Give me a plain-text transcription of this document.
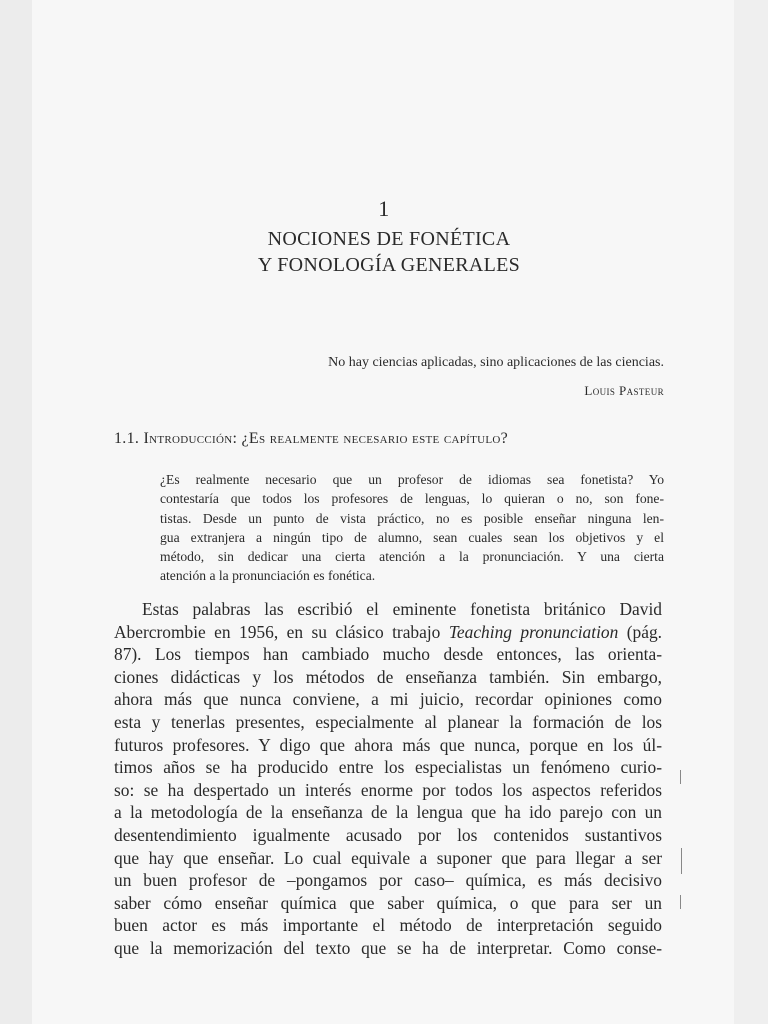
1
NOCIONES DE FONÉTICA
Y FONOLOGÍA GENERALES
No hay ciencias aplicadas, sino aplicaciones de las ciencias.
Louis Pasteur
1.1. Introducción: ¿Es realmente necesario este capítulo?
¿Es realmente necesario que un profesor de idiomas sea fonetista? Yo
contestaría que todos los profesores de lenguas, lo quieran o no, son fone-
tistas. Desde un punto de vista práctico, no es posible enseñar ninguna len-
gua extranjera a ningún tipo de alumno, sean cuales sean los objetivos y el
método, sin dedicar una cierta atención a la pronunciación. Y una cierta
atención a la pronunciación es fonética.
Estas palabras las escribió el eminente fonetista británico David
Abercrombie en 1956, en su clásico trabajo Teaching pronunciation (pág.
87). Los tiempos han cambiado mucho desde entonces, las orienta-
ciones didácticas y los métodos de enseñanza también. Sin embargo,
ahora más que nunca conviene, a mi juicio, recordar opiniones como
esta y tenerlas presentes, especialmente al planear la formación de los
futuros profesores. Y digo que ahora más que nunca, porque en los úl-
timos años se ha producido entre los especialistas un fenómeno curio-
so: se ha despertado un interés enorme por todos los aspectos referidos
a la metodología de la enseñanza de la lengua que ha ido parejo con un
desentendimiento igualmente acusado por los contenidos sustantivos
que hay que enseñar. Lo cual equivale a suponer que para llegar a ser
un buen profesor de –pongamos por caso– química, es más decisivo
saber cómo enseñar química que saber química, o que para ser un
buen actor es más importante el método de interpretación seguido
que la memorización del texto que se ha de interpretar. Como conse-
